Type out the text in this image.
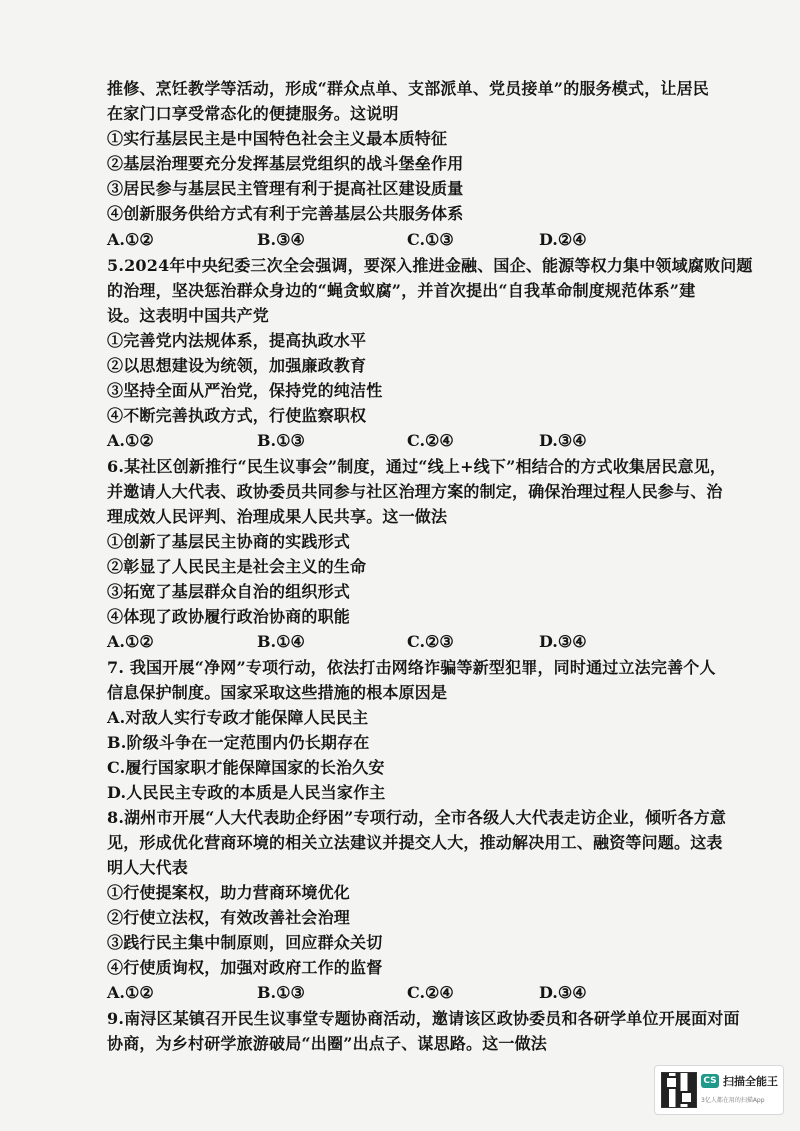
推修、烹饪教学等活动，形成“群众点单、支部派单、党员接单”的服务模式，让居民
在家门口享受常态化的便捷服务。这说明
①实行基层民主是中国特色社会主义最本质特征
②基层治理要充分发挥基层党组织的战斗堡垒作用
③居民参与基层民主管理有利于提高社区建设质量
④创新服务供给方式有利于完善基层公共服务体系
A.①②	B.③④	C.①③	D.②④
5.2024年中央纪委三次全会强调，要深入推进金融、国企、能源等权力集中领域腐败问题
的治理，坚决惩治群众身边的“蝇贪蚁腐”，并首次提出“自我革命制度规范体系”建
设。这表明中国共产党
①完善党内法规体系，提高执政水平
②以思想建设为统领，加强廉政教育
③坚持全面从严治党，保持党的纯洁性
④不断完善执政方式，行使监察职权
A.①②	B.①③	C.②④	D.③④
6.某社区创新推行“民生议事会”制度，通过“线上+线下”相结合的方式收集居民意见，
并邀请人大代表、政协委员共同参与社区治理方案的制定，确保治理过程人民参与、治
理成效人民评判、治理成果人民共享。这一做法
①创新了基层民主协商的实践形式
②彰显了人民民主是社会主义的生命
③拓宽了基层群众自治的组织形式
④体现了政协履行政治协商的职能
A.①②	B.①④	C.②③	D.③④
7. 我国开展“净网”专项行动，依法打击网络诈骗等新型犯罪，同时通过立法完善个人
信息保护制度。国家采取这些措施的根本原因是
A.对敌人实行专政才能保障人民民主
B.阶级斗争在一定范围内仍长期存在
C.履行国家职才能保障国家的长治久安
D.人民民主专政的本质是人民当家作主
8.湖州市开展“人大代表助企纾困”专项行动，全市各级人大代表走访企业，倾听各方意
见，形成优化营商环境的相关立法建议并提交人大，推动解决用工、融资等问题。这表
明人大代表
①行使提案权，助力营商环境优化
②行使立法权，有效改善社会治理
③践行民主集中制原则，回应群众关切
④行使质询权，加强对政府工作的监督
A.①②	B.①③	C.②④	D.③④
9.南浔区某镇召开民生议事堂专题协商活动，邀请该区政协委员和各研学单位开展面对面
协商，为乡村研学旅游破局“出圈”出点子、谋思路。这一做法
CS 扫描全能王
3亿人都在用的扫描App
